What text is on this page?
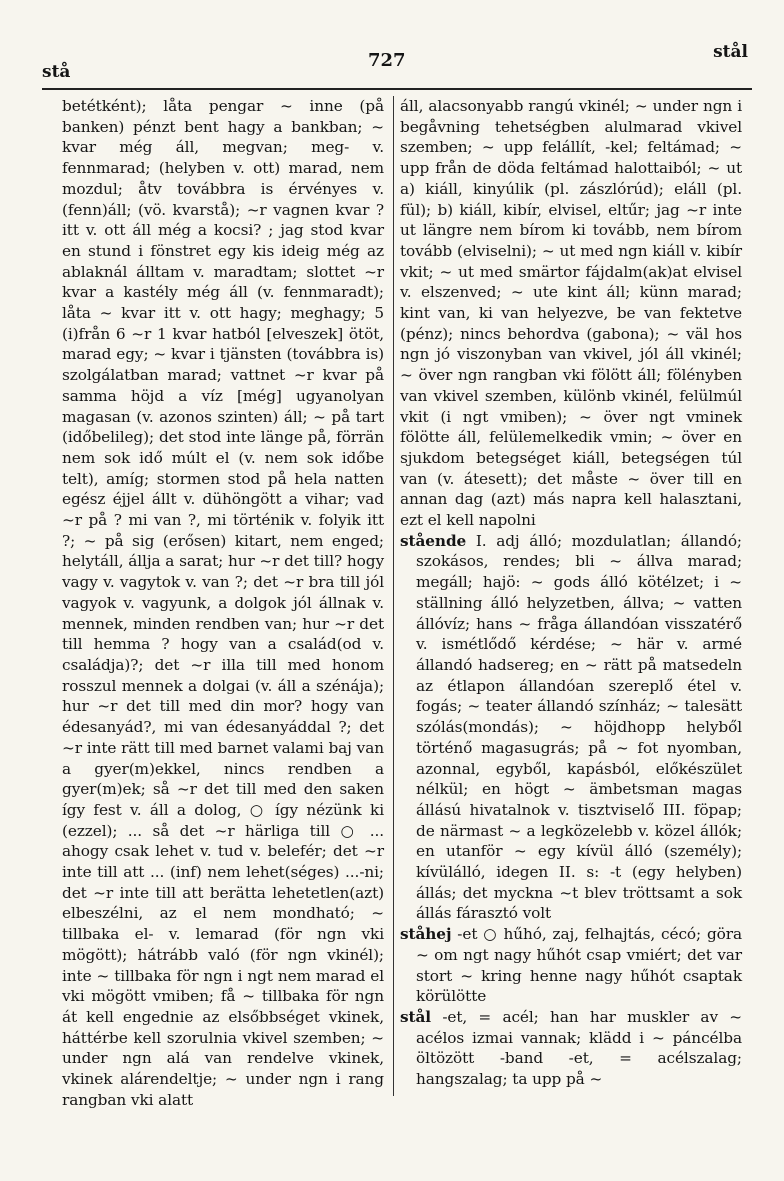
stå
727	stål

betétként); låta pengar ~ inne (på banken) pénzt bent hagy a bankban; ~ kvar még áll, megvan; meg- v. fennmarad; (helyben v. ott) marad, nem mozdul; åtv továbbra is érvényes v. (fenn)áll; (vö. kvarstå); ~r vagnen kvar ? itt v. ott áll még a kocsi? ; jag stod kvar en stund i fönstret egy kis ideig még az ablaknál álltam v. maradtam; slottet ~r kvar a kastély még áll (v. fennmaradt); låta ~ kvar itt v. ott hagy; meghagy; 5 (i)från 6 ~r 1 kvar hatból [elveszek] ötöt, marad egy; ~ kvar i tjänsten (továbbra is) szolgálatban marad; vattnet ~r kvar på samma höjd a víz [még] ugyanolyan magasan (v. azonos szinten) áll; ~ på tart (időbelileg); det stod inte länge på, förrän nem sok idő múlt el (v. nem sok időbe telt), amíg; stormen stod på hela natten egész éjjel állt v. dühöngött a vihar; vad ~r på ? mi van ?, mi történik v. folyik itt ?; ~ på sig (erősen) kitart, nem enged; helytáll, állja a sarat; hur ~r det till? hogy vagy v. vagytok v. van ?; det ~r bra till jól vagyok v. vagyunk, a dolgok jól állnak v. mennek, minden rendben van; hur ~r det till hemma ? hogy van a család(od v. családja)?; det ~r illa till med honom rosszul mennek a dolgai (v. áll a szénája); hur ~r det till med din mor? hogy van édesanyád?, mi van édesanyáddal ?; det ~r inte rätt till med barnet valami baj van a gyer(m)ekkel, nincs rendben a gyer(m)ek; så ~r det till med den saken így fest v. áll a dolog, ○ így nézünk ki (ezzel); ... så det ~r härliga till ○ ... ahogy csak lehet v. tud v. belefér; det ~r inte till att ... (inf) nem lehet(séges) ...-ni; det ~r inte till att berätta lehetetlen(azt) elbeszélni, az el nem mondható; ~ tillbaka el- v. lemarad (för ngn vki mögött); hátrább való (för ngn vkinél); inte ~ tillbaka för ngn i ngt nem marad el vki mögött vmiben; få ~ tillbaka för ngn át kell engednie az elsőbbséget vkinek, háttérbe kell szorulnia vkivel szemben; ~ under ngn alá van rendelve vkinek, vkinek alárendeltje; ~ under ngn i rang rangban vki alatt

áll, alacsonyabb rangú vkinél; ~ under ngn i begåvning tehetségben alulmarad vkivel szemben; ~ upp felállít, -kel; feltámad; ~ upp från de döda feltámad halottaiból; ~ ut a) kiáll, kinyúlik (pl. zászlórúd); eláll (pl. fül); b) kiáll, kibír, elvisel, eltűr; jag ~r inte ut längre nem bírom ki tovább, nem bírom tovább (elviselni); ~ ut med ngn kiáll v. kibír vkit; ~ ut med smärtor fájdalm(ak)at elvisel v. elszenved; ~ ute kint áll; künn marad; kint van, ki van helyezve, be van fektetve (pénz); nincs behordva (gabona); ~ väl hos ngn jó viszonyban van vkivel, jól áll vkinél; ~ över ngn rangban vki fölött áll; fölényben van vkivel szemben, különb vkinél, felülmúl vkit (i ngt vmiben); ~ över ngt vminek fölötte áll, felülemelkedik vmin; ~ över en sjukdom betegséget kiáll, betegségen túl van (v. átesett); det måste ~ över till en annan dag (azt) más napra kell halasztani, ezt el kell napolni

stående I. adj álló; mozdulatlan; állandó; szokásos, rendes; bli ~ állva marad; megáll; hajö: ~ gods álló kötélzet; i ~ ställning álló helyzetben, állva; ~ vatten állóvíz; hans ~ fråga állandóan visszatérő v. ismétlődő kérdése; ~ här v. armé állandó hadsereg; en ~ rätt på matsedeln az étlapon állandóan szereplő étel v. fogás; ~ teater állandó színház; ~ talesätt szólás(mondás); ~ höjdhopp helyből történő magasugrás; på ~ fot nyomban, azonnal, egyből, kapásból, előkészület nélkül; en högt ~ ämbetsman magas állású hivatalnok v. tisztviselő III. föpap; de närmast ~ a legközelebb v. közel állók; en utanför ~ egy kívül álló (személy); kívülálló, idegen II. s: -t (egy helyben) állás; det myckna ~t blev tröttsamt a sok állás fárasztó volt

ståhej -et ○ hűhó, zaj, felhajtás, cécó; göra ~ om ngt nagy hűhót csap vmiért; det var stort ~ kring henne nagy hűhót csaptak körülötte

stål -et, = acél; han har muskler av ~ acélos izmai vannak; klädd i ~ páncélba öltözött -band -et, = acélszalag; hangszalag; ta upp på ~
